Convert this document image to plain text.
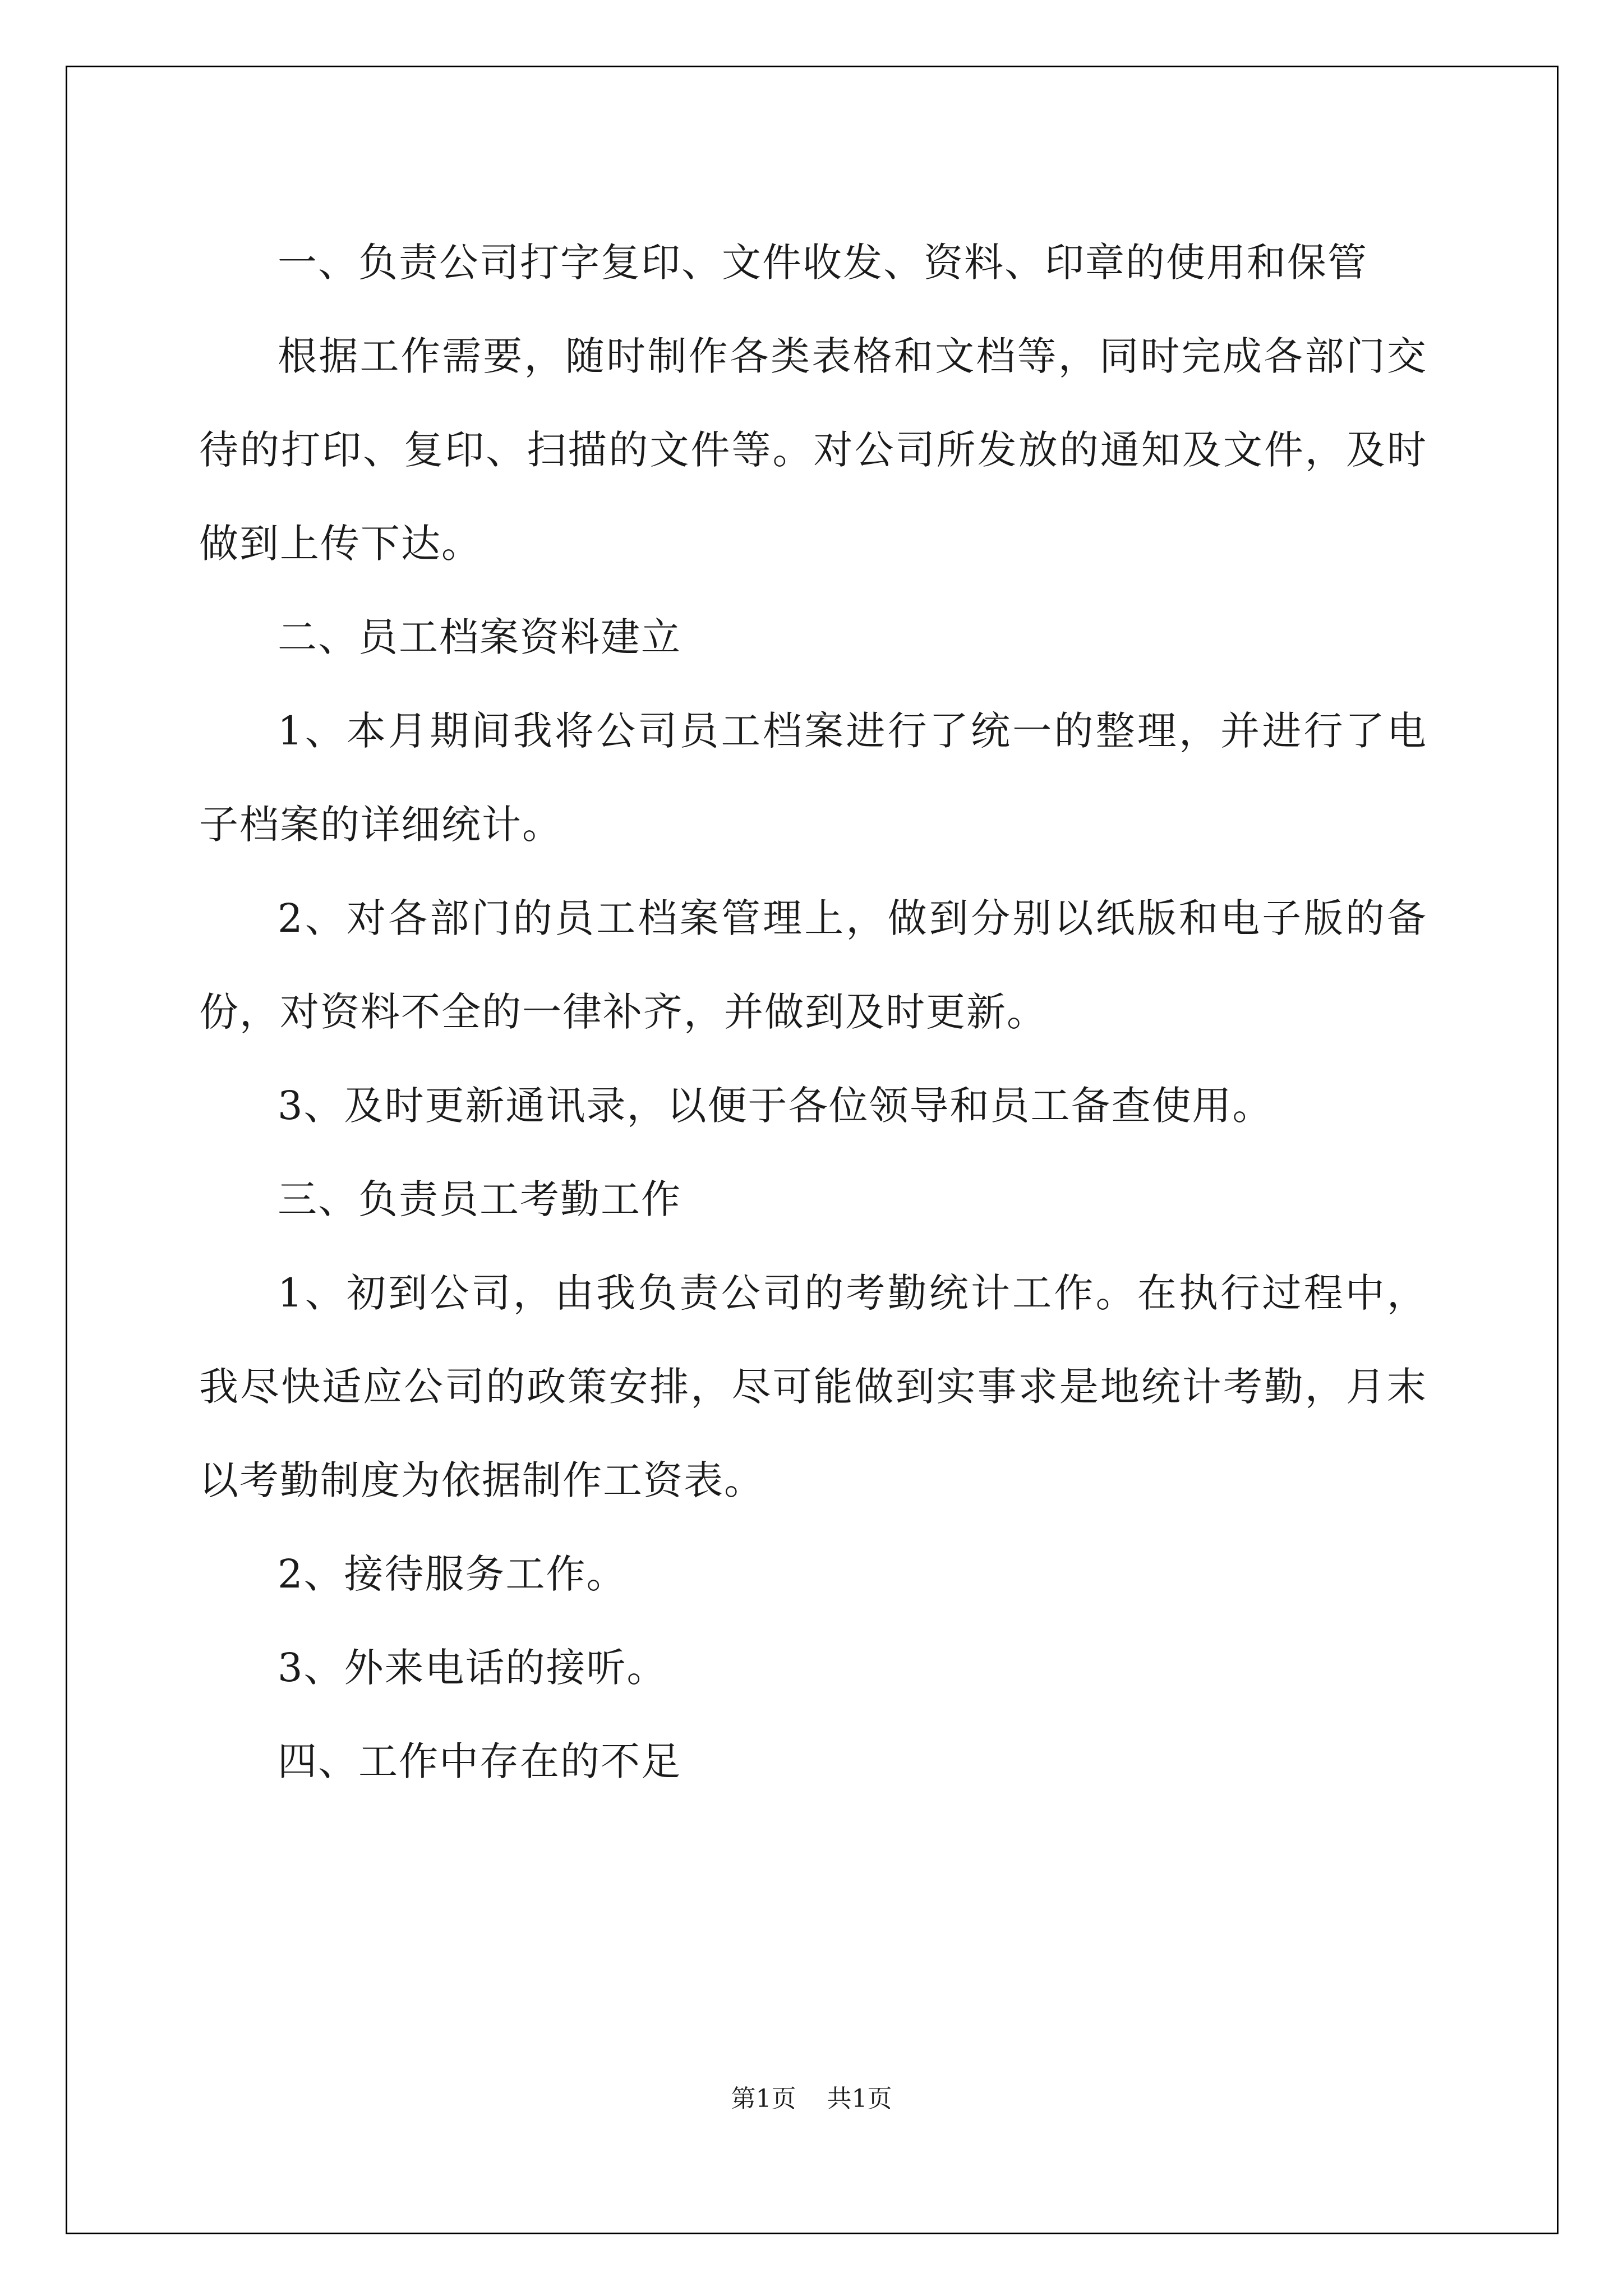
一、负责公司打字复印、文件收发、资料、印章的使用和保管

根据工作需要，随时制作各类表格和文档等，同时完成各部门交待的打印、复印、扫描的文件等。对公司所发放的通知及文件，及时做到上传下达。

二、员工档案资料建立

1、本月期间我将公司员工档案进行了统一的整理，并进行了电子档案的详细统计。

2、对各部门的员工档案管理上，做到分别以纸版和电子版的备份，对资料不全的一律补齐，并做到及时更新。

3、及时更新通讯录，以便于各位领导和员工备查使用。

三、负责员工考勤工作

1、初到公司，由我负责公司的考勤统计工作。在执行过程中，我尽快适应公司的政策安排，尽可能做到实事求是地统计考勤，月末以考勤制度为依据制作工资表。

2、接待服务工作。

3、外来电话的接听。

四、工作中存在的不足

第1页 共1页
